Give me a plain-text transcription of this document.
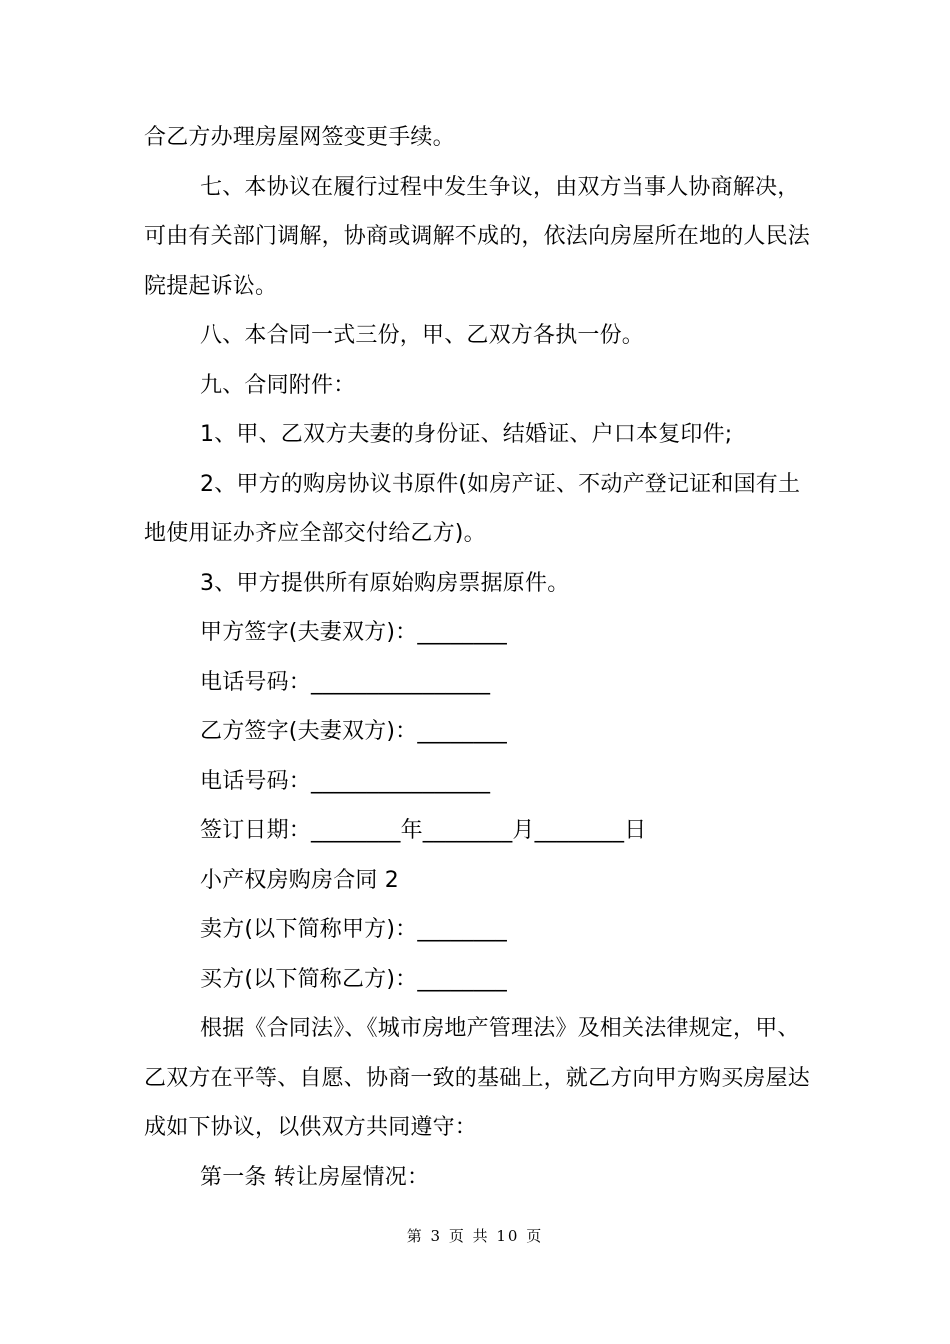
合乙方办理房屋网签变更手续。

七、本协议在履行过程中发生争议，由双方当事人协商解决，

可由有关部门调解，协商或调解不成的，依法向房屋所在地的人民法

院提起诉讼。

八、本合同一式三份，甲、乙双方各执一份。

九、合同附件：

1、甲、乙双方夫妻的身份证、结婚证、户口本复印件;

2、甲方的购房协议书原件(如房产证、不动产登记证和国有土

地使用证办齐应全部交付给乙方)。

3、甲方提供所有原始购房票据原件。

甲方签字(夫妻双方)：________

电话号码：________________

乙方签字(夫妻双方)：________

电话号码：________________

签订日期：________年________月________日

小产权房购房合同 2

卖方(以下简称甲方)：________

买方(以下简称乙方)：________

根据《合同法》、《城市房地产管理法》及相关法律规定，甲、

乙双方在平等、自愿、协商一致的基础上，就乙方向甲方购买房屋达

成如下协议，以供双方共同遵守：

第一条 转让房屋情况：

第 3 页 共 10 页
